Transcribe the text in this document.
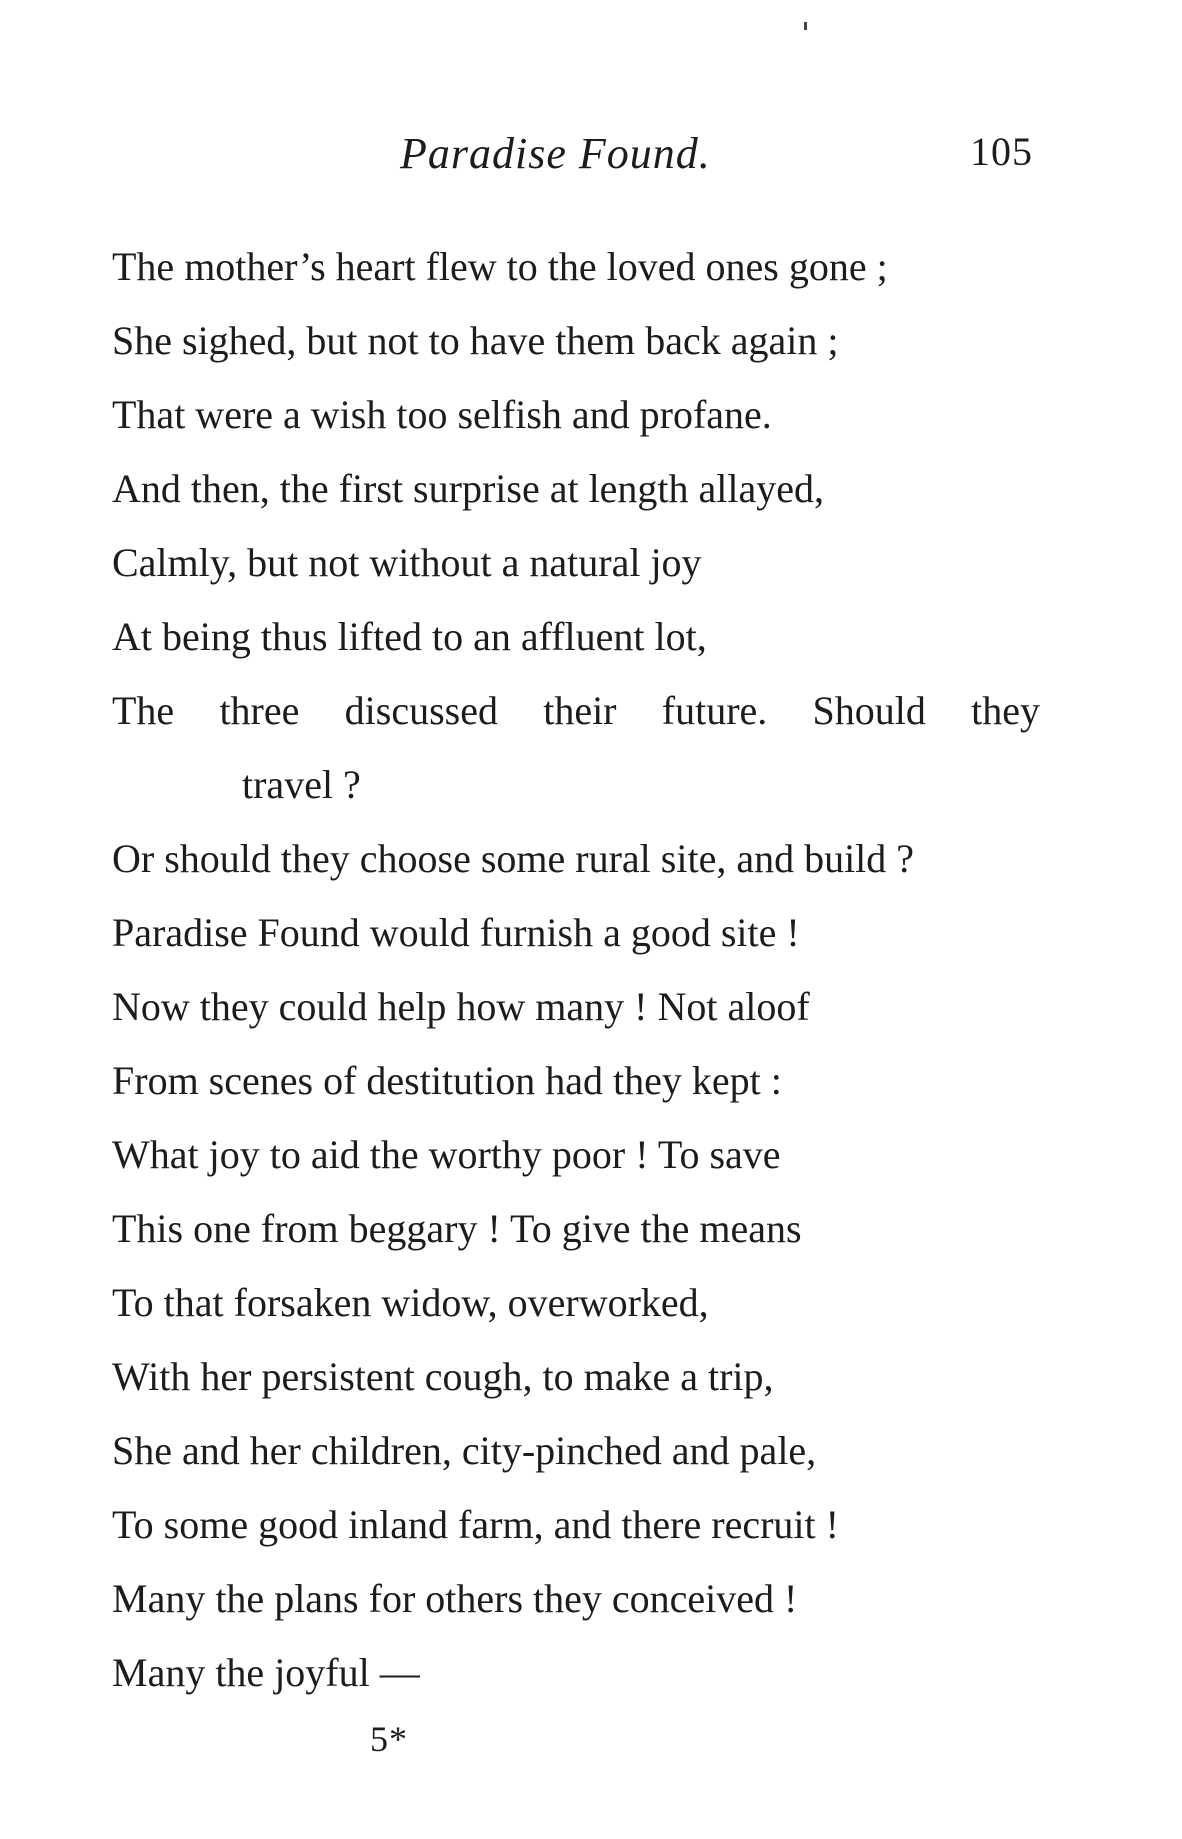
Paradise Found.	105
The mother’s heart flew to the loved ones gone ;
She sighed, but not to have them back again ;
That were a wish too selfish and profane.
And then, the first surprise at length allayed,
Calmly, but not without a natural joy
At being thus lifted to an affluent lot,
The three discussed their future. Should they
travel ?
Or should they choose some rural site, and build ?
Paradise Found would furnish a good site !
Now they could help how many ! Not aloof
From scenes of destitution had they kept :
What joy to aid the worthy poor ! To save
This one from beggary ! To give the means
To that forsaken widow, overworked,
With her persistent cough, to make a trip,
She and her children, city-pinched and pale,
To some good inland farm, and there recruit !
Many the plans for others they conceived !
Many the joyful —
5*
